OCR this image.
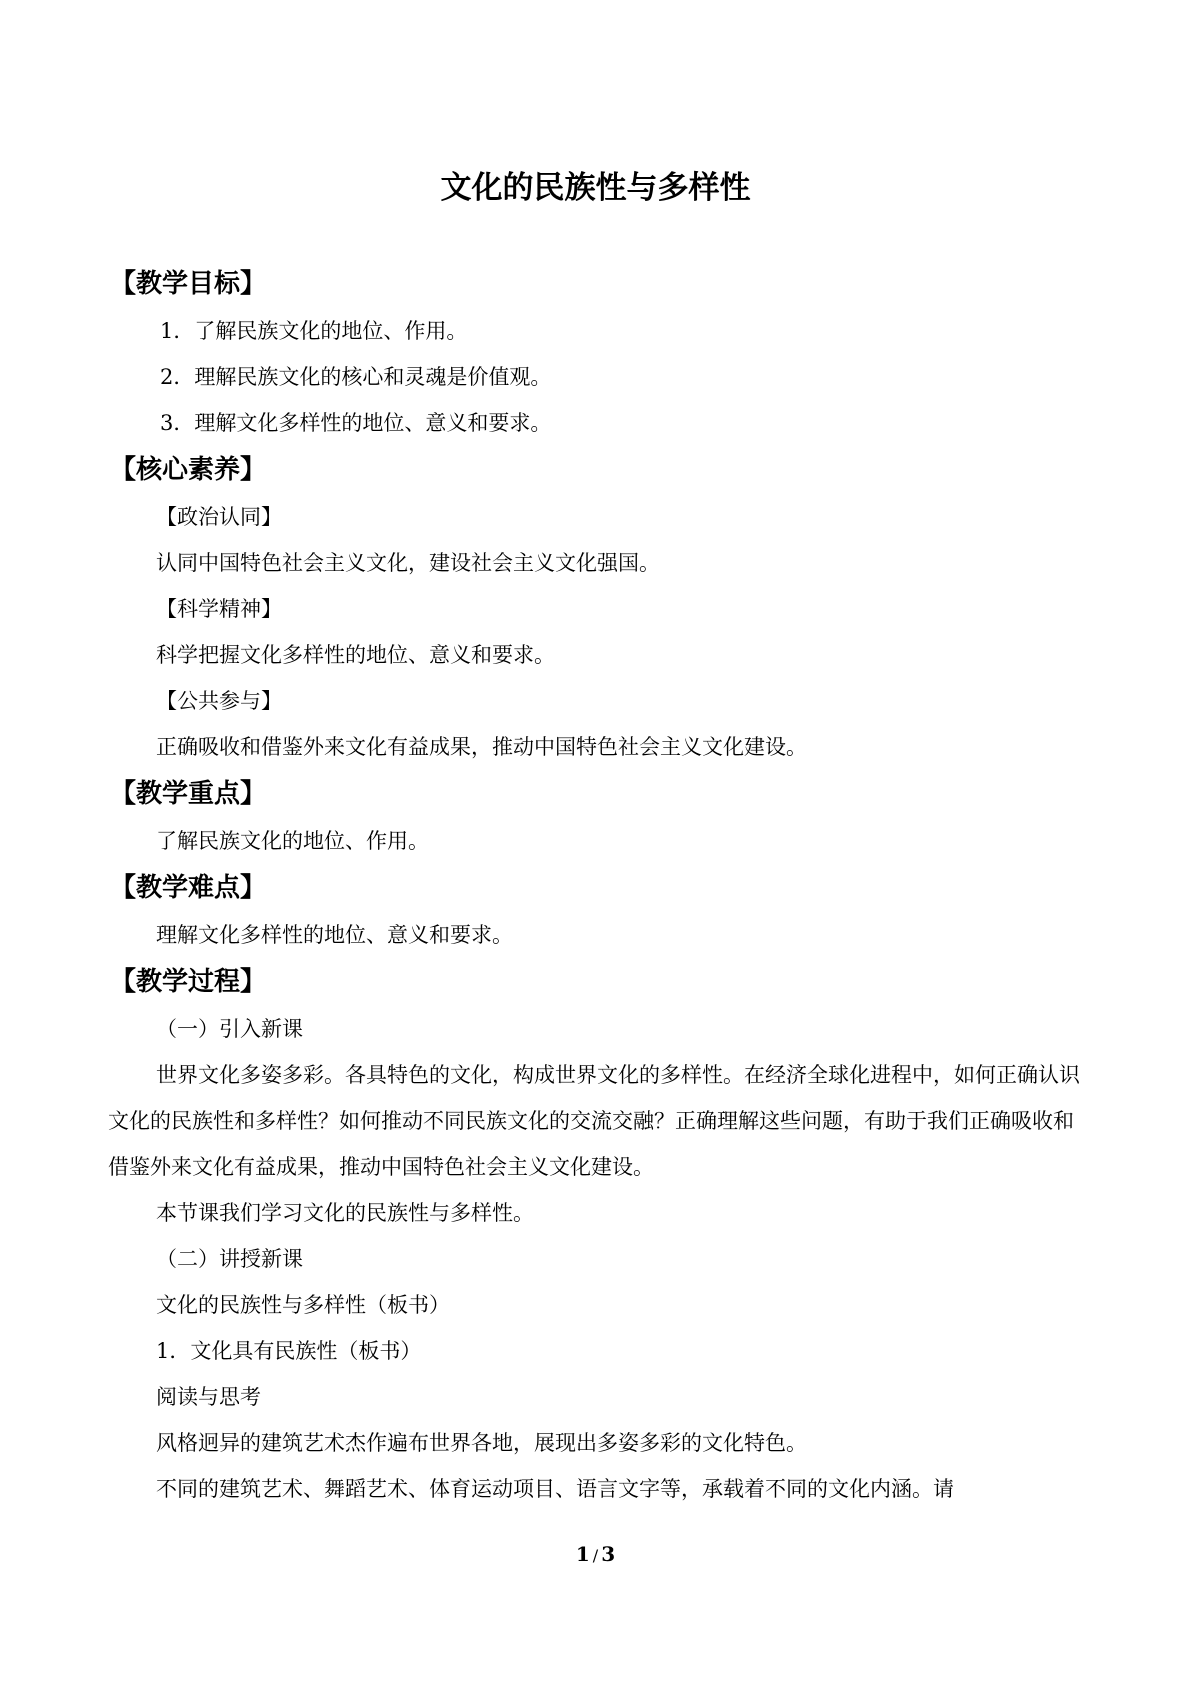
文化的民族性与多样性
【教学目标】
1．了解民族文化的地位、作用。
2．理解民族文化的核心和灵魂是价值观。
3．理解文化多样性的地位、意义和要求。
【核心素养】
【政治认同】
认同中国特色社会主义文化，建设社会主义文化强国。
【科学精神】
科学把握文化多样性的地位、意义和要求。
【公共参与】
正确吸收和借鉴外来文化有益成果，推动中国特色社会主义文化建设。
【教学重点】
了解民族文化的地位、作用。
【教学难点】
理解文化多样性的地位、意义和要求。
【教学过程】
（一）引入新课

世界文化多姿多彩。各具特色的文化，构成世界文化的多样性。在经济全球化进程中，如何正确认识文化的民族性和多样性？如何推动不同民族文化的交流交融？正确理解这些问题，有助于我们正确吸收和借鉴外来文化有益成果，推动中国特色社会主义文化建设。

本节课我们学习文化的民族性与多样性。
（二）讲授新课
文化的民族性与多样性（板书）
1．文化具有民族性（板书）
阅读与思考
风格迥异的建筑艺术杰作遍布世界各地，展现出多姿多彩的文化特色。
不同的建筑艺术、舞蹈艺术、体育运动项目、语言文字等，承载着不同的文化内涵。请
1 / 3
